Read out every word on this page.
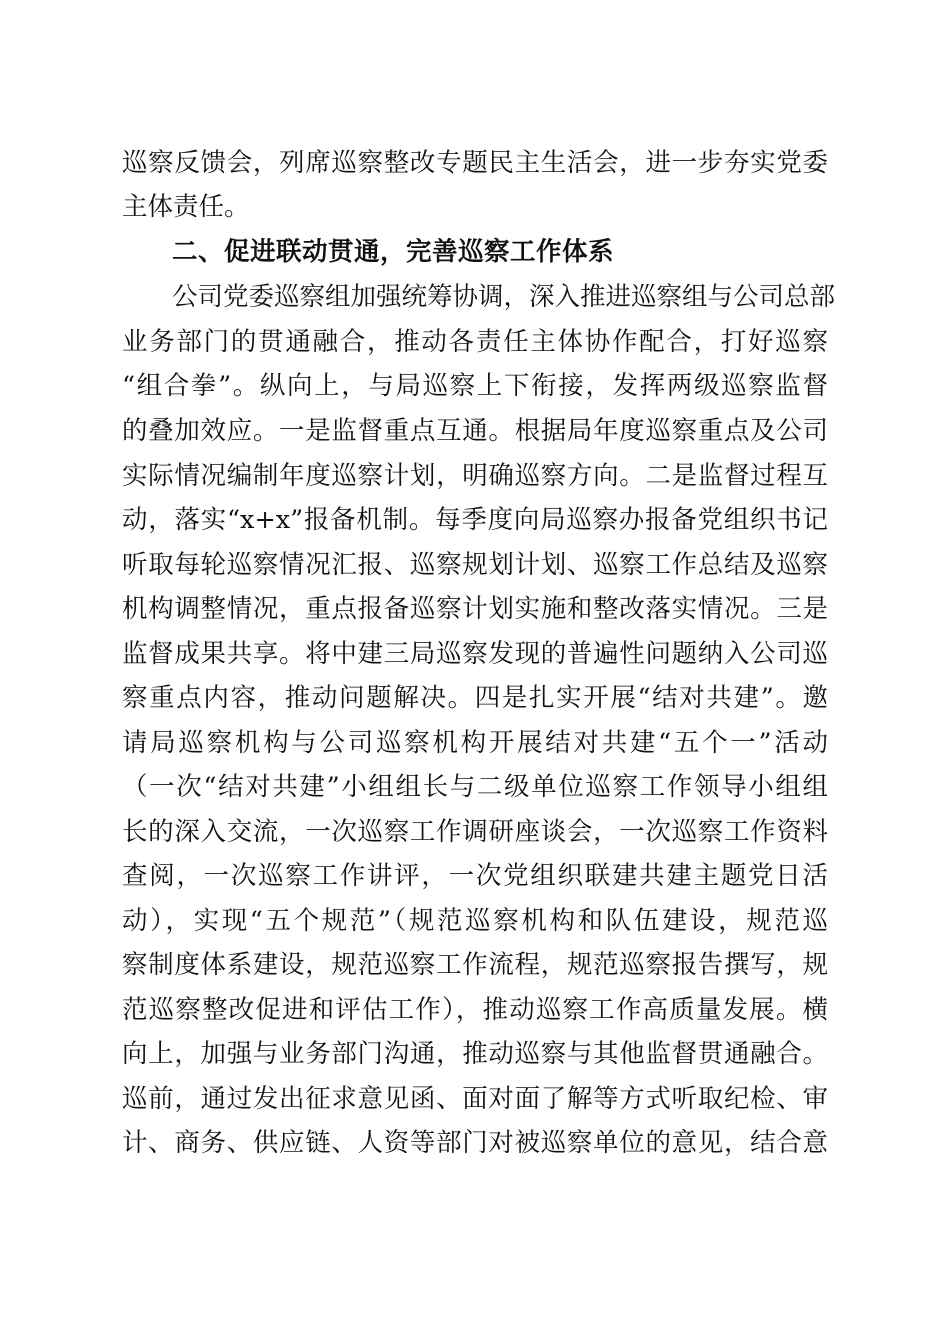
巡察反馈会，列席巡察整改专题民主生活会，进一步夯实党委
主体责任。
二、促进联动贯通，完善巡察工作体系
公司党委巡察组加强统筹协调，深入推进巡察组与公司总部
业务部门的贯通融合，推动各责任主体协作配合，打好巡察
“组合拳”。纵向上，与局巡察上下衔接，发挥两级巡察监督
的叠加效应。一是监督重点互通。根据局年度巡察重点及公司
实际情况编制年度巡察计划，明确巡察方向。二是监督过程互
动，落实“x+x”报备机制。每季度向局巡察办报备党组织书记
听取每轮巡察情况汇报、巡察规划计划、巡察工作总结及巡察
机构调整情况，重点报备巡察计划实施和整改落实情况。三是
监督成果共享。将中建三局巡察发现的普遍性问题纳入公司巡
察重点内容，推动问题解决。四是扎实开展“结对共建”。邀
请局巡察机构与公司巡察机构开展结对共建“五个一”活动
（一次“结对共建”小组组长与二级单位巡察工作领导小组组
长的深入交流，一次巡察工作调研座谈会，一次巡察工作资料
查阅，一次巡察工作讲评，一次党组织联建共建主题党日活
动），实现“五个规范”（规范巡察机构和队伍建设，规范巡
察制度体系建设，规范巡察工作流程，规范巡察报告撰写，规
范巡察整改促进和评估工作），推动巡察工作高质量发展。横
向上，加强与业务部门沟通，推动巡察与其他监督贯通融合。
巡前，通过发出征求意见函、面对面了解等方式听取纪检、审
计、商务、供应链、人资等部门对被巡察单位的意见，结合意
